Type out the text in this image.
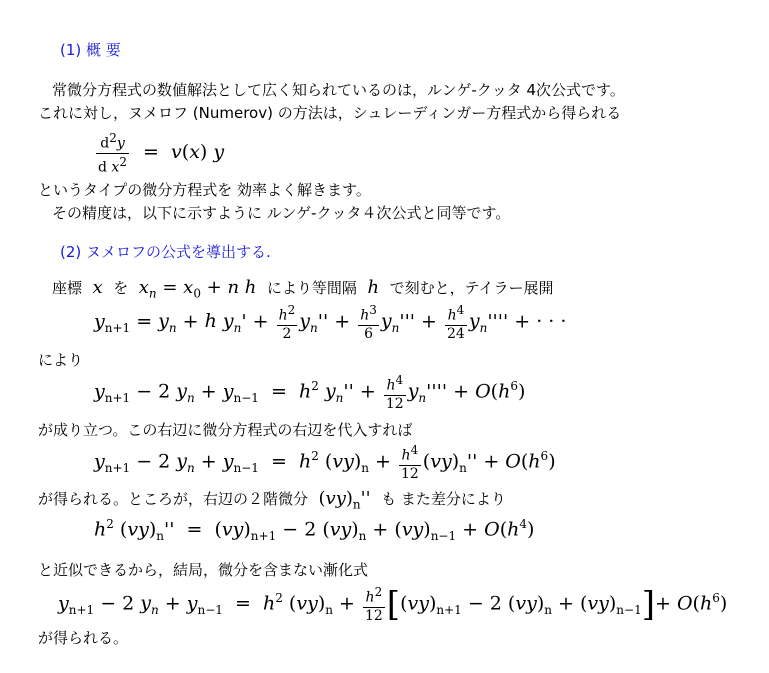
(1) 概 要
常微分方程式の数値解法として広く知られているのは，ルンゲ-クッタ 4次公式です。
これに対し，ヌメロフ (Numerov) の方法は，シュレーディンガー方程式から得られる
$\frac{d^2y}{d x^2} = v(x)$ y
というタイプの微分方程式を 効率よく解きます。
その精度は，以下に示すように ルンゲ-クッタ４次公式と同等です。
(2) ヌメロフの公式を導出する.
座標 x を $x_n = x_0 + n$ h により等間隔 h で刻むと，テイラー展開
$y_{n+1} = y_n + h$ $y_n' + \frac{h^2}{2} y_n'' + \frac{h^3}{6} y_n''' + \frac{h^4}{24} y_n''''$ + · · ·
により
$y_{n+1} - 2$ $y_n + y_{n-1} = h^2$ $y_n'' + \frac{h^4}{12} y_n'''' + O(h^6)$
が成り立つ。この右辺に微分方程式の右辺を代入すれば
$y_{n+1} - 2$ $y_n + y_{n-1} = h^2$ $(vy)_n + \frac{h^4}{12} (vy)_n'' + O(h^6)$
が得られる。ところが，右辺の２階微分  $(vy)_n''$  も また差分により
$h^2$ $(vy)_n'' = (vy)_{n+1} - 2$ $(vy)_n + (vy)_{n-1} + O(h^4)$
と近似できるから，結局，微分を含まない漸化式
$y_{n+1} - 2$ $y_n + y_{n-1} = h^2$ $(vy)_n + \frac{h^2}{12} [(vy)_{n+1} - 2$ $(vy)_n + (vy)_{n-1}]+ O(h^6)$
が得られる。
